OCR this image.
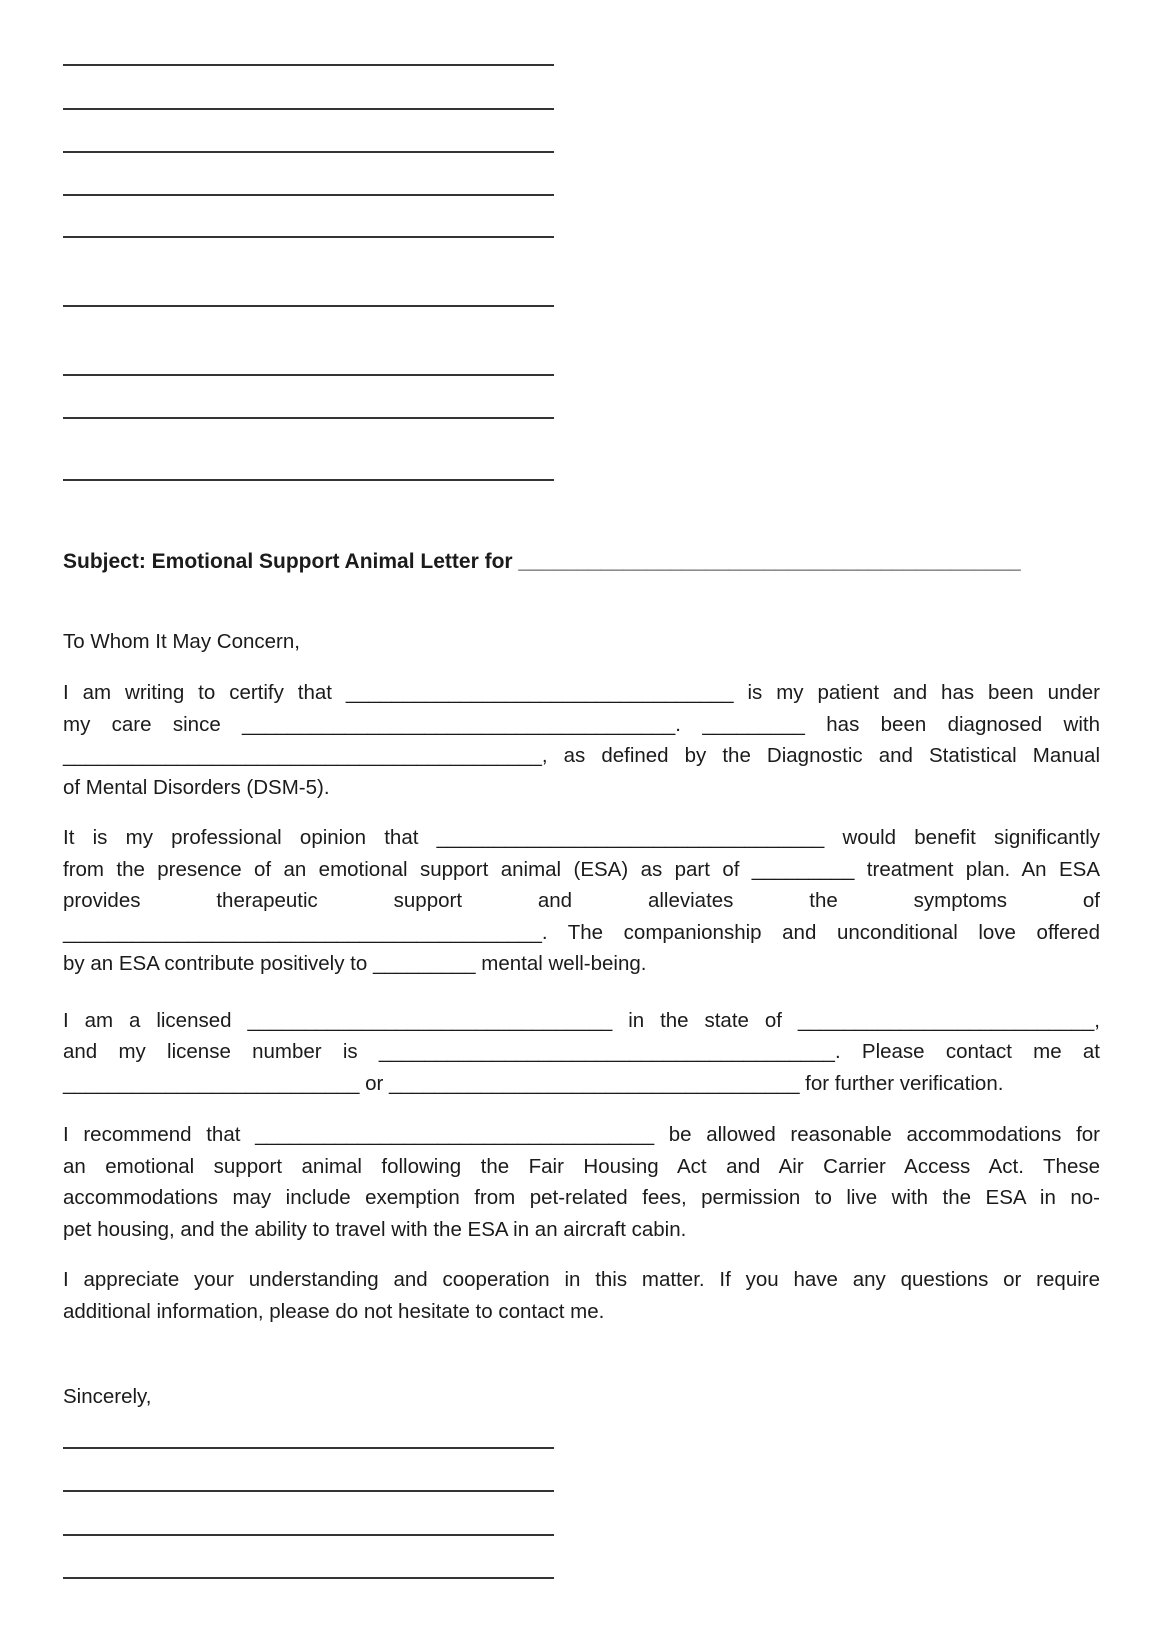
Subject: Emotional Support Animal Letter for ___________________________________________

To Whom It May Concern,

I am writing to certify that __________________________________ is my patient and has been under
my care since ______________________________________. _________ has been diagnosed with
__________________________________________, as defined by the Diagnostic and Statistical Manual
of Mental Disorders (DSM-5).
It is my professional opinion that __________________________________ would benefit significantly
from the presence of an emotional support animal (ESA) as part of _________ treatment plan. An ESA
provides therapeutic support and alleviates the symptoms of
__________________________________________. The companionship and unconditional love offered
by an ESA contribute positively to _________ mental well-being.
I am a licensed ________________________________ in the state of __________________________,
and my license number is ________________________________________. Please contact me at
__________________________ or ____________________________________ for further verification.
I recommend that ___________________________________ be allowed reasonable accommodations for
an emotional support animal following the Fair Housing Act and Air Carrier Access Act. These
accommodations may include exemption from pet-related fees, permission to live with the ESA in no-
pet housing, and the ability to travel with the ESA in an aircraft cabin.
I appreciate your understanding and cooperation in this matter. If you have any questions or require
additional information, please do not hesitate to contact me.

Sincerely,
